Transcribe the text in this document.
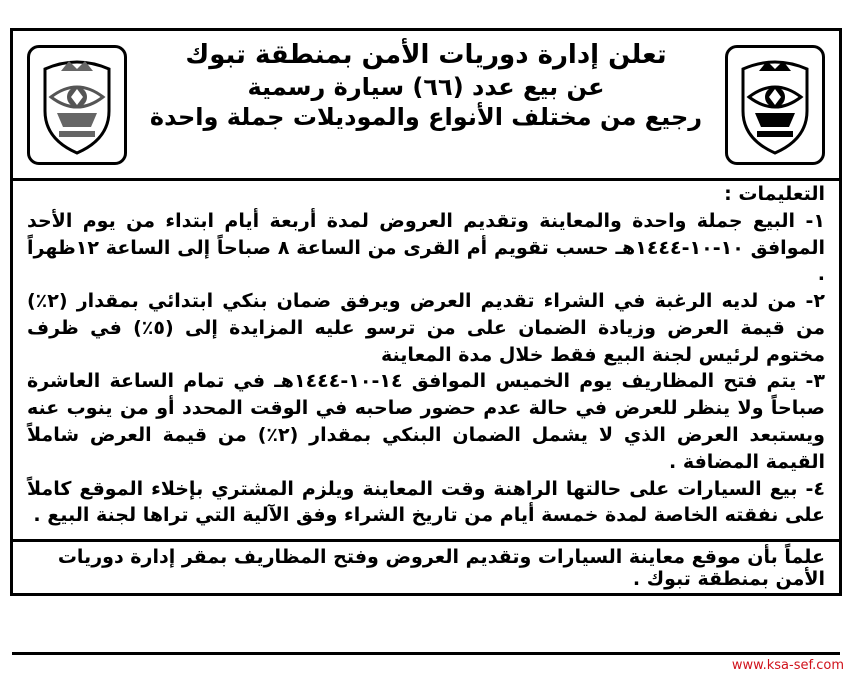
تعلن إدارة دوريات الأمن بمنطقة تبوك
عن بيع عدد (٦٦) سيارة رسمية
رجيع من مختلف الأنواع والموديلات جملة واحدة
التعليمات :

١- البيع جملة واحدة والمعاينة وتقديم العروض لمدة أربعة أيام ابتداء من يوم الأحد الموافق ١٠-١٠-١٤٤٤هـ حسب تقويم أم القرى من الساعة ٨ صباحاً إلى الساعة ١٢ظهراً .

٢- من لديه الرغبة في الشراء تقديم العرض ويرفق ضمان بنكي ابتدائي بمقدار (٢٪) من قيمة العرض وزيادة الضمان على من ترسو عليه المزايدة إلى (٥٪) في ظرف مختوم لرئيس لجنة البيع فقط خلال مدة المعاينة

٣- يتم فتح المظاريف يوم الخميس الموافق ١٤-١٠-١٤٤٤هـ في تمام الساعة العاشرة صباحاً ولا ينظر للعرض في حالة عدم حضور صاحبه في الوقت المحدد أو من ينوب عنه ويستبعد العرض الذي لا يشمل الضمان البنكي بمقدار (٢٪) من قيمة العرض شاملاً القيمة المضافة .

٤- بيع السيارات على حالتها الراهنة وقت المعاينة ويلزم المشتري بإخلاء الموقع كاملاً على نفقته الخاصة لمدة خمسة أيام من تاريخ الشراء وفق الآلية التي تراها لجنة البيع .

علماً بأن موقع معاينة السيارات وتقديم العروض وفتح المظاريف بمقر إدارة دوريات الأمن بمنطقة تبوك .
www.ksa-sef.com
